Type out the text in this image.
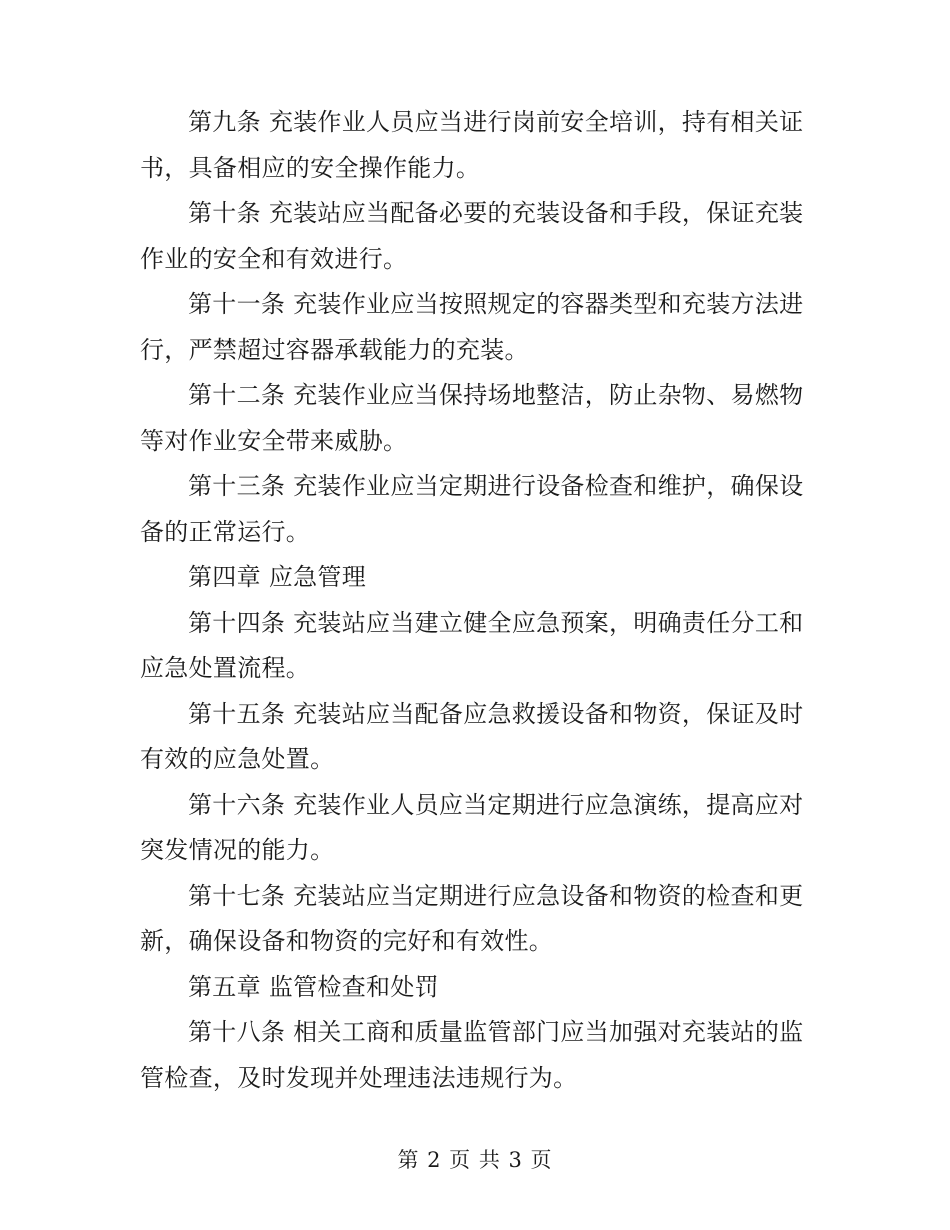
第九条 充装作业人员应当进行岗前安全培训，持有相关证书，具备相应的安全操作能力。

第十条 充装站应当配备必要的充装设备和手段，保证充装作业的安全和有效进行。

第十一条 充装作业应当按照规定的容器类型和充装方法进行，严禁超过容器承载能力的充装。

第十二条 充装作业应当保持场地整洁，防止杂物、易燃物等对作业安全带来威胁。

第十三条 充装作业应当定期进行设备检查和维护，确保设备的正常运行。

第四章 应急管理

第十四条 充装站应当建立健全应急预案，明确责任分工和应急处置流程。

第十五条 充装站应当配备应急救援设备和物资，保证及时有效的应急处置。

第十六条 充装作业人员应当定期进行应急演练，提高应对突发情况的能力。

第十七条 充装站应当定期进行应急设备和物资的检查和更新，确保设备和物资的完好和有效性。

第五章 监管检查和处罚

第十八条 相关工商和质量监管部门应当加强对充装站的监管检查，及时发现并处理违法违规行为。

第 2 页 共 3 页
